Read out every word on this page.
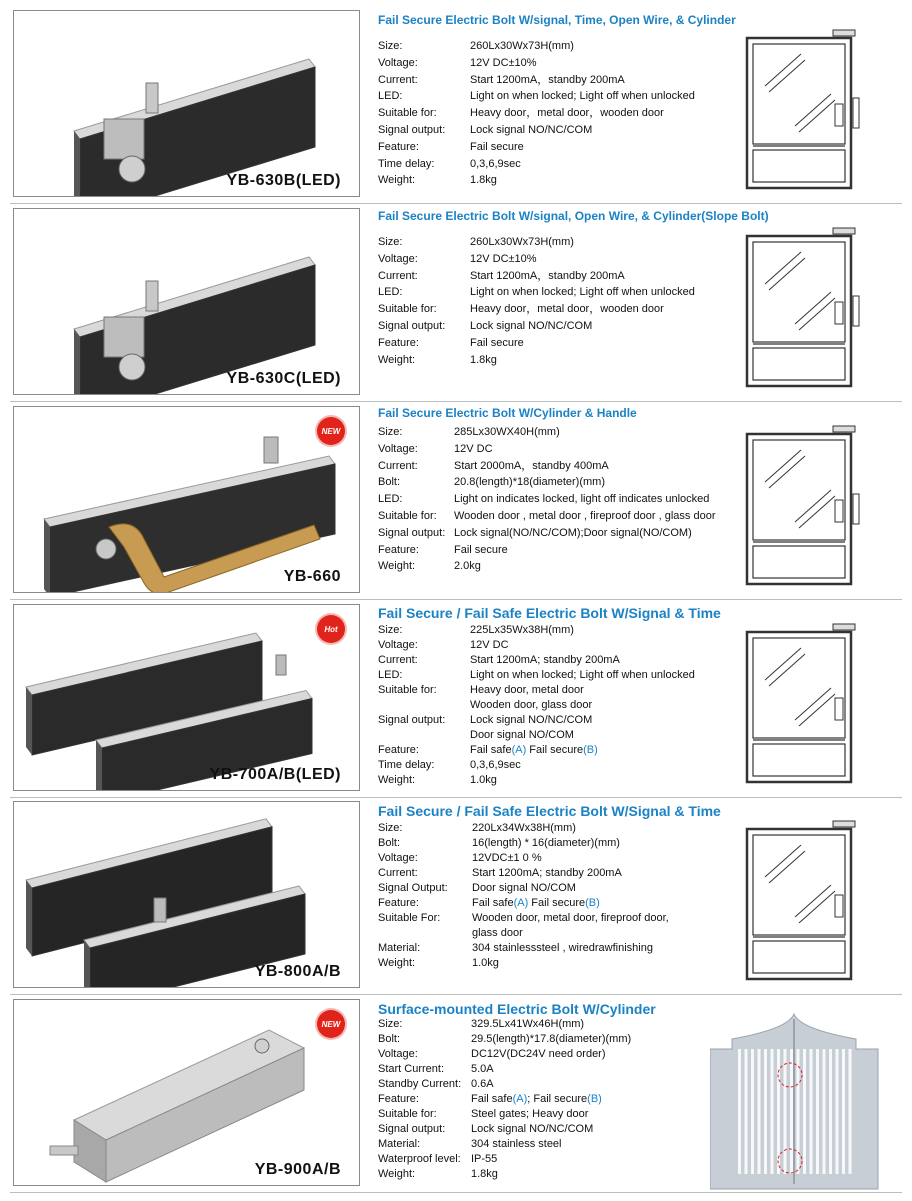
YB-630B(LED)
Fail Secure Electric Bolt W/signal, Time, Open Wire, & Cylinder
Size:	260Lx30Wx73H(mm)
Voltage:	12V DC±10%
Current:	Start 1200mA，standby 200mA
LED:	Light on when locked; Light off when unlocked
Suitable for:	Heavy door，metal door，wooden door
Signal output: Lock signal NO/NC/COM
Feature:	Fail secure
Time delay:	0,3,6,9sec
Weight:	1.8kg
YB-630C(LED)
Fail Secure Electric Bolt W/signal, Open Wire, & Cylinder(Slope Bolt)
Size:	260Lx30Wx73H(mm)
Voltage:	12V DC±10%
Current:	Start 1200mA，standby 200mA
LED:	Light on when locked; Light off when unlocked
Suitable for:	Heavy door，metal door，wooden door
Signal output: Lock signal NO/NC/COM
Feature:	Fail secure
Weight:	1.8kg
NEW
YB-660
Fail Secure Electric Bolt W/Cylinder & Handle
Size:	285Lx30WX40H(mm)
Voltage:	12V DC
Current:	Start 2000mA，standby 400mA
Bolt:	20.8(length)*18(diameter)(mm)
LED:	Light on indicates locked, light off indicates unlocked
Suitable for: Wooden door , metal door , fireproof door , glass door
Signal output: Lock signal(NO/NC/COM);Door signal(NO/COM)
Feature:	Fail secure
Weight:	2.0kg
Hot
YB-700A/B(LED)
Fail Secure / Fail Safe Electric Bolt W/Signal & Time
Size:	225Lx35Wx38H(mm)
Voltage:	12V DC
Current:	Start 1200mA; standby 200mA
LED:	Light on when locked; Light off when unlocked
Suitable for:	Heavy door, metal door
Wooden door, glass door
Signal output: Lock signal NO/NC/COM
Door signal NO/COM
Feature:	Fail safe(A) Fail secure(B)
Time delay:	0,3,6,9sec
Weight:	1.0kg
YB-800A/B
Fail Secure / Fail Safe Electric Bolt W/Signal & Time
Size:	220Lx34Wx38H(mm)
Bolt:	16(length) * 16(diameter)(mm)
Voltage:	12VDC±1 0 %
Current:	Start 1200mA; standby 200mA
Signal Output: Door signal NO/COM
Feature:	Fail safe(A) Fail secure(B)
Suitable For:	Wooden door, metal door, fireproof door,
glass door
Material:	304 stainlesssteel , wiredrawfinishing
Weight:	1.0kg
NEW
YB-900A/B
Surface-mounted Electric Bolt W/Cylinder
Size:	329.5Lx41Wx46H(mm)
Bolt:	29.5(length)*17.8(diameter)(mm)
Voltage:	DC12V(DC24V need order)
Start Current: 5.0A
Standby Current: 0.6A
Feature:	Fail safe(A); Fail secure(B)
Suitable for:	Steel gates; Heavy door
Signal output: Lock signal NO/NC/COM
Material:	304 stainless steel
Waterproof level: IP-55
Weight:	1.8kg
